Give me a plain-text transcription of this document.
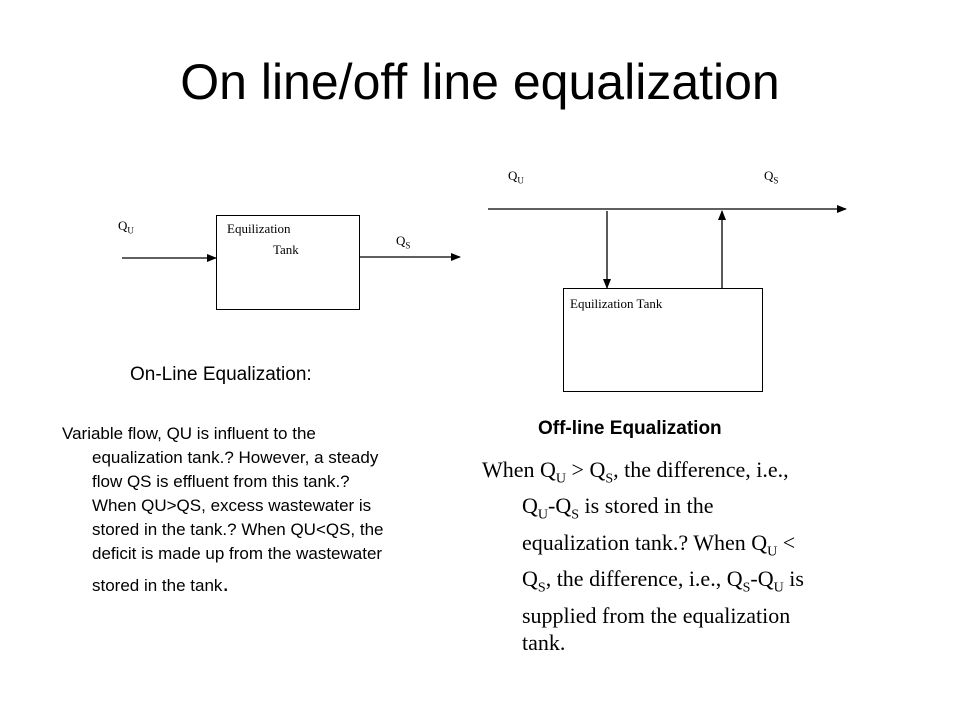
On line/off line equalization
$Q_U$	Equilization
Tank
$Q_S$
$Q_U$	$Q_S$
Equilization Tank
On-Line Equalization:
Off-line Equalization
Variable flow, QU is influent to the
equalization tank.? However, a steady
flow QS is effluent from this tank.?
When QU>QS, excess wastewater is
stored in the tank.? When QU<QS, the
deficit is made up from the wastewater
stored in the tank.
When $Q_U > Q_S$, the difference, i.e.,
$Q_U-Q_S$ is stored in the
equalization tank.? When $Q_U$ <
$Q_S$, the difference, i.e., $Q_S-Q_U$ is
supplied from the equalization
tank.
